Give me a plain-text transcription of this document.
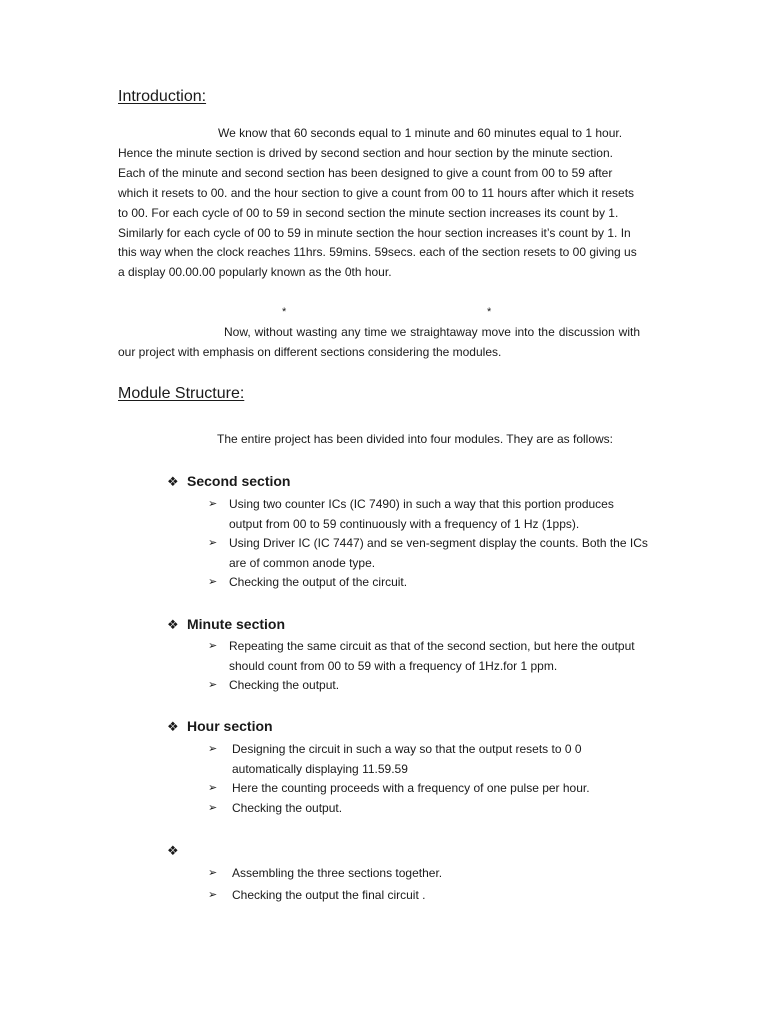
Introduction:

We know that 60 seconds equal to 1 minute and 60 minutes equal to 1 hour. Hence the minute section is drived by second section and hour section by the minute section. Each of the minute and second section has been designed to give a count from 00 to 59 after which it resets to 00. and the hour section to give a count from 00 to 11 hours after which it resets to 00. For each cycle of 00 to 59 in second section the minute section increases its count by 1. Similarly for each cycle of 00 to 59 in minute section the hour section increases it’s count by 1. In this way when the clock reaches 11hrs. 59mins. 59secs. each of the section resets to 00 giving us a display 00.00.00 popularly known as the 0th hour.

*	*

Now, without wasting any time we straightaway move into the discussion with our project with emphasis on different sections considering the modules.

Module Structure:
The entire project has been divided into four modules. They are as follows:
❖ Second section
➢ Using two counter ICs (IC 7490) in such a way that this portion produces output from 00 to 59 continuously with a frequency of 1 Hz (1pps).
➢ Using Driver IC (IC 7447) and se ven-segment display the counts. Both the ICs are of common anode type.
➢ Checking the output of the circuit.
❖ Minute section
➢ Repeating the same circuit as that of the second section, but here the output should count from 00 to 59 with a frequency of 1Hz.for 1 ppm.
➢ Checking the output.
❖ Hour section
➢ Designing the circuit in such a way so that the output resets to 0 0 automatically displaying 11.59.59
➢ Here the counting proceeds with a frequency of one pulse per hour.
➢ Checking the output.
❖
➢ Assembling the three sections together.
➢ Checking the output the final circuit .
